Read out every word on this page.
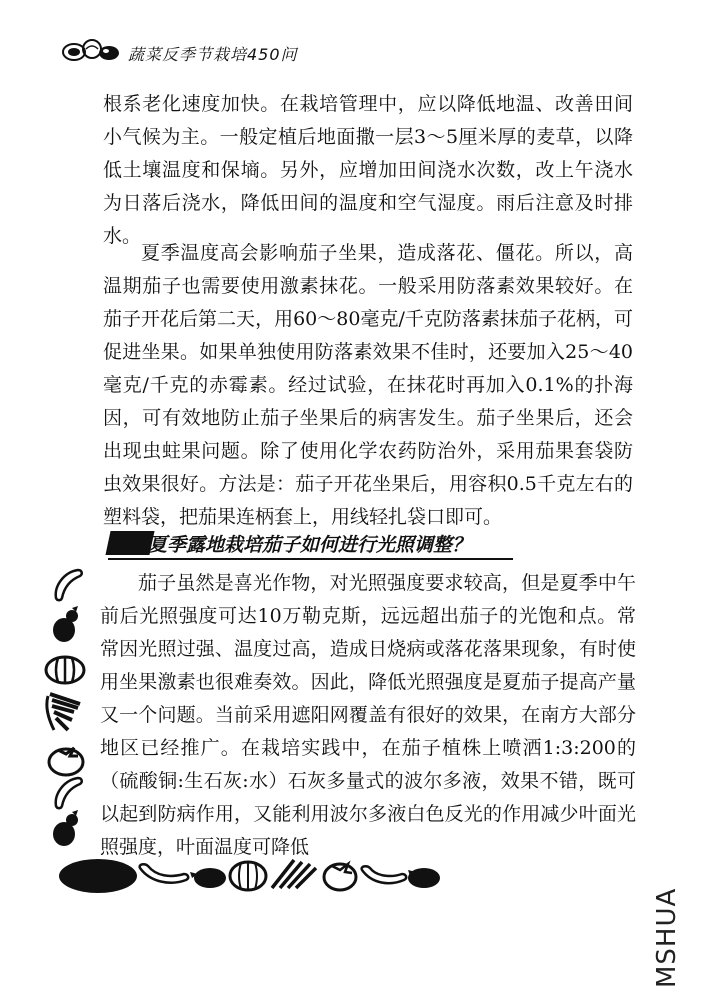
蔬菜反季节栽培450问

根系老化速度加快。在栽培管理中，应以降低地温、改善田间小气候为主。一般定植后地面撒一层3～5厘米厚的麦草，以降低土壤温度和保墒。另外，应增加田间浇水次数，改上午浇水为日落后浇水，降低田间的温度和空气湿度。雨后注意及时排水。

夏季温度高会影响茄子坐果，造成落花、僵花。所以，高温期茄子也需要使用激素抹花。一般采用防落素效果较好。在茄子开花后第二天，用60～80毫克/千克防落素抹茄子花柄，可促进坐果。如果单独使用防落素效果不佳时，还要加入25～40毫克/千克的赤霉素。经过试验，在抹花时再加入0.1%的扑海因，可有效地防止茄子坐果后的病害发生。茄子坐果后，还会出现虫蛀果问题。除了使用化学农药防治外，采用茄果套袋防虫效果很好。方法是：茄子开花坐果后，用容积0.5千克左右的塑料袋，把茄果连柄套上，用线轻扎袋口即可。

夏季露地栽培茄子如何进行光照调整？

茄子虽然是喜光作物，对光照强度要求较高，但是夏季中午前后光照强度可达10万勒克斯，远远超出茄子的光饱和点。常常因光照过强、温度过高，造成日烧病或落花落果现象，有时使用坐果激素也很难奏效。因此，降低光照强度是夏茄子提高产量又一个问题。当前采用遮阳网覆盖有很好的效果，在南方大部分地区已经推广。在栽培实践中，在茄子植株上喷洒1:3:200的（硫酸铜:生石灰:水）石灰多量式的波尔多液，效果不错，既可以起到防病作用，又能利用波尔多液白色反光的作用减少叶面光照强度，叶面温度可降低

MSHUA
